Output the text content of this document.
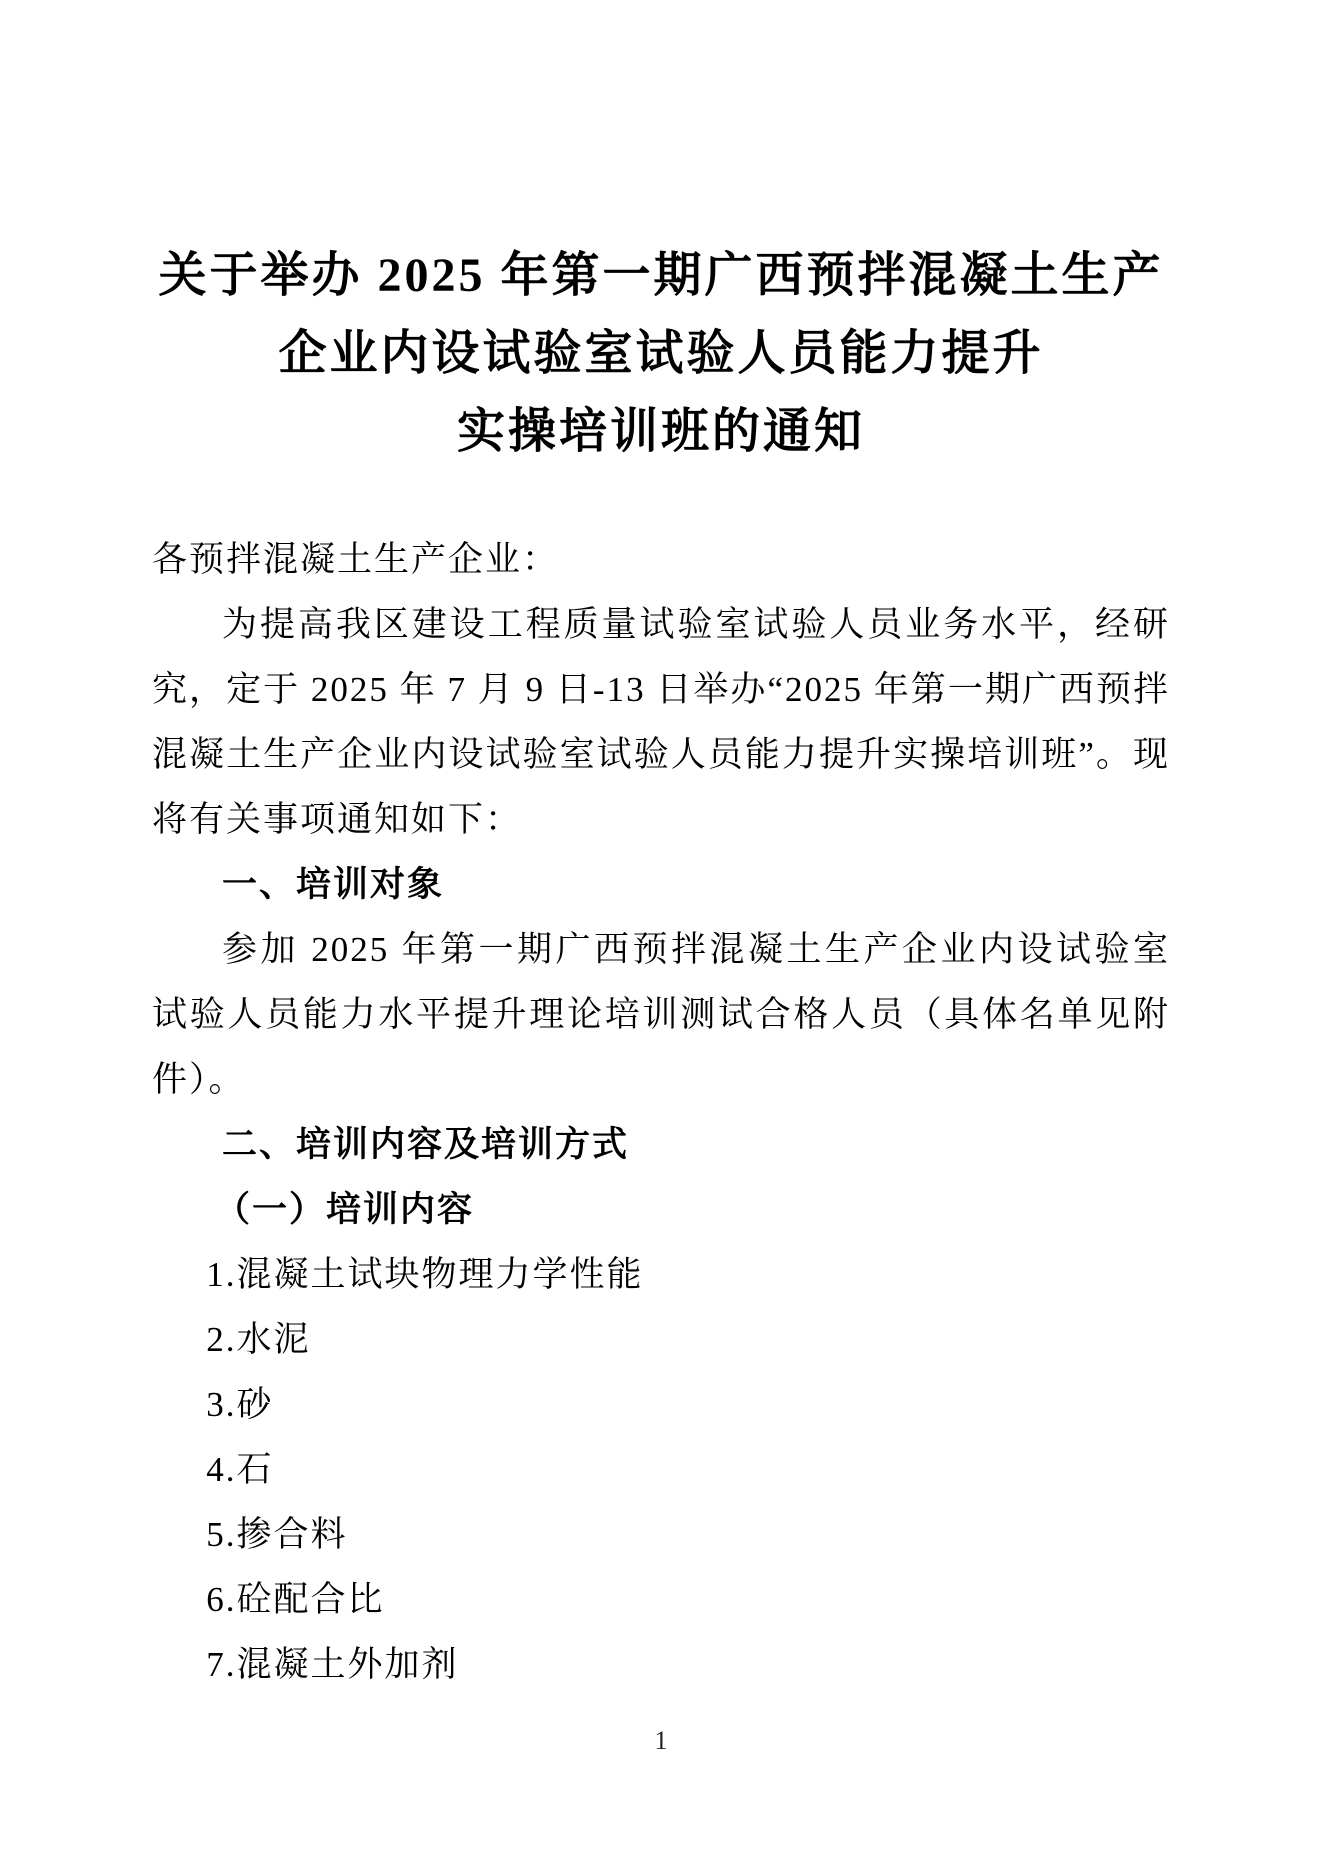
关于举办 2025 年第一期广西预拌混凝土生产
企业内设试验室试验人员能力提升
实操培训班的通知

各预拌混凝土生产企业：

为提高我区建设工程质量试验室试验人员业务水平，经研究，定于 2025 年 7 月 9 日-13 日举办“2025 年第一期广西预拌混凝土生产企业内设试验室试验人员能力提升实操培训班”。现将有关事项通知如下：

一、培训对象

参加 2025 年第一期广西预拌混凝土生产企业内设试验室试验人员能力水平提升理论培训测试合格人员（具体名单见附件）。

二、培训内容及培训方式
（一）培训内容

1.混凝土试块物理力学性能

2.水泥

3.砂

4.石

5.掺合料

6.砼配合比

7.混凝土外加剂

1
